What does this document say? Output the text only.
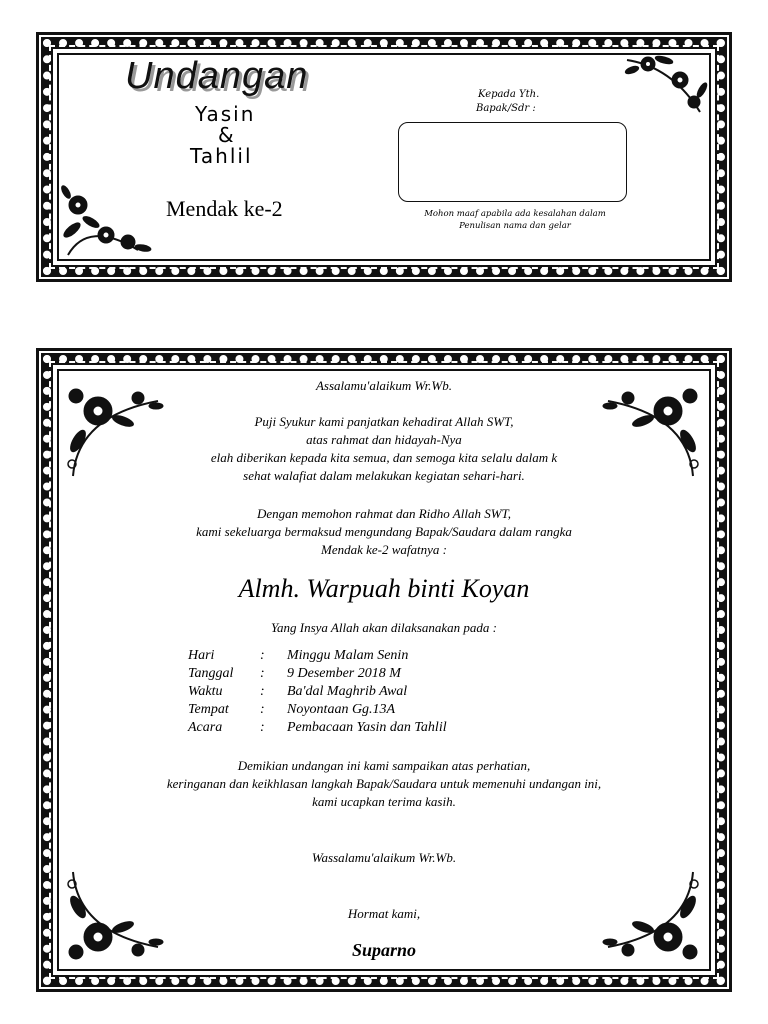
Undangan
Yasin
&
Tahlil
Mendak ke-2
Kepada Yth.
Bapak/Sdr :
Mohon maaf apabila ada kesalahan dalam
Penulisan nama dan gelar
Assalamu'alaikum Wr.Wb.
Puji Syukur kami panjatkan kehadirat Allah SWT,
atas rahmat dan hidayah-Nya
elah diberikan kepada kita semua, dan semoga kita selalu dalam k
sehat walafiat dalam melakukan kegiatan sehari-hari.
Dengan memohon rahmat dan Ridho Allah SWT,
kami sekeluarga bermaksud mengundang Bapak/Saudara dalam rangka
Mendak ke-2 wafatnya :
Almh. Warpuah binti Koyan
Yang Insya Allah akan dilaksanakan pada :
Hari	: Minggu Malam Senin
Tanggal : 9 Desember 2018 M
Waktu	: Ba'dal Maghrib Awal
Tempat : Noyontaan Gg.13A
Acara	: Pembacaan Yasin dan Tahlil
Demikian undangan ini kami sampaikan atas perhatian,
keringanan dan keikhlasan langkah Bapak/Saudara untuk memenuhi undangan ini,
kami ucapkan terima kasih.
Wassalamu'alaikum Wr.Wb.
Hormat kami,
Suparno
